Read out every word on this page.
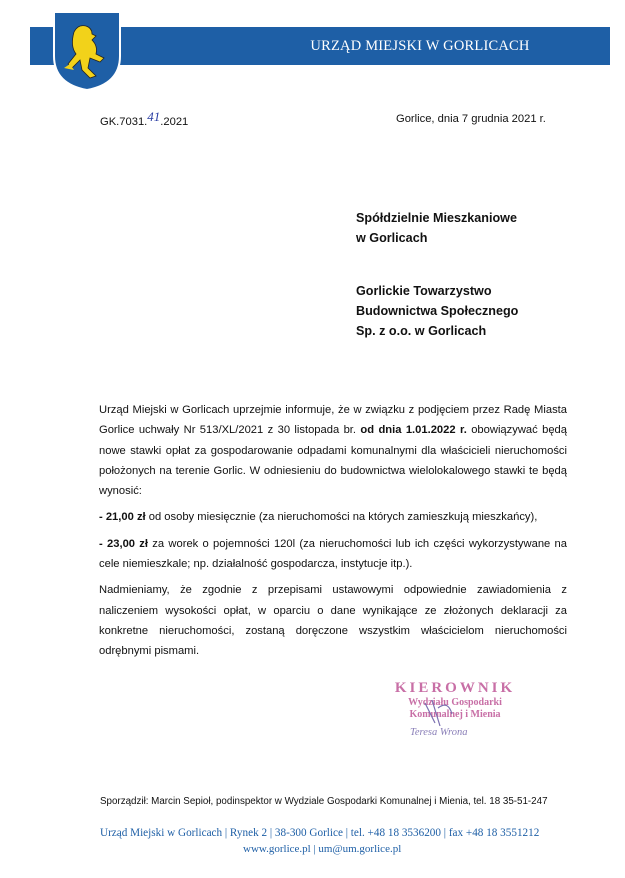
URZĄD MIEJSKI W GORLICACH
GK.7031.41.2021	Gorlice, dnia 7 grudnia 2021 r.
Spółdzielnie Mieszkaniowe
w Gorlicach
Gorlickie Towarzystwo
Budownictwa Społecznego
Sp. z o.o. w Gorlicach

Urząd Miejski w Gorlicach uprzejmie informuje, że w związku z podjęciem przez Radę Miasta Gorlice uchwały Nr 513/XL/2021 z 30 listopada br. od dnia 1.01.2022 r. obowiązywać będą nowe stawki opłat za gospodarowanie odpadami komunalnymi dla właścicieli nieruchomości położonych na terenie Gorlic. W odniesieniu do budownictwa wielolokalowego stawki te będą wynosić:

- 21,00 zł od osoby miesięcznie (za nieruchomości na których zamieszkują mieszkańcy),

- 23,00 zł za worek o pojemności 120l (za nieruchomości lub ich części wykorzystywane na cele niemieszkale; np. działalność gospodarcza, instytucje itp.).

Nadmieniamy, że zgodnie z przepisami ustawowymi odpowiednie zawiadomienia z naliczeniem wysokości opłat, w oparciu o dane wynikające ze złożonych deklaracji za konkretne nieruchomości, zostaną doręczone wszystkim właścicielom nieruchomości odrębnymi pismami.

KIEROWNIK
Wydziału Gospodarki
Komunalnej i Mienia
Teresa Wrona
Sporządził: Marcin Sepioł, podinspektor w Wydziale Gospodarki Komunalnej i Mienia, tel. 18 35-51-247
Urząd Miejski w Gorlicach | Rynek 2 | 38-300 Gorlice | tel. +48 18 3536200 | fax +48 18 3551212
www.gorlice.pl | um@um.gorlice.pl
